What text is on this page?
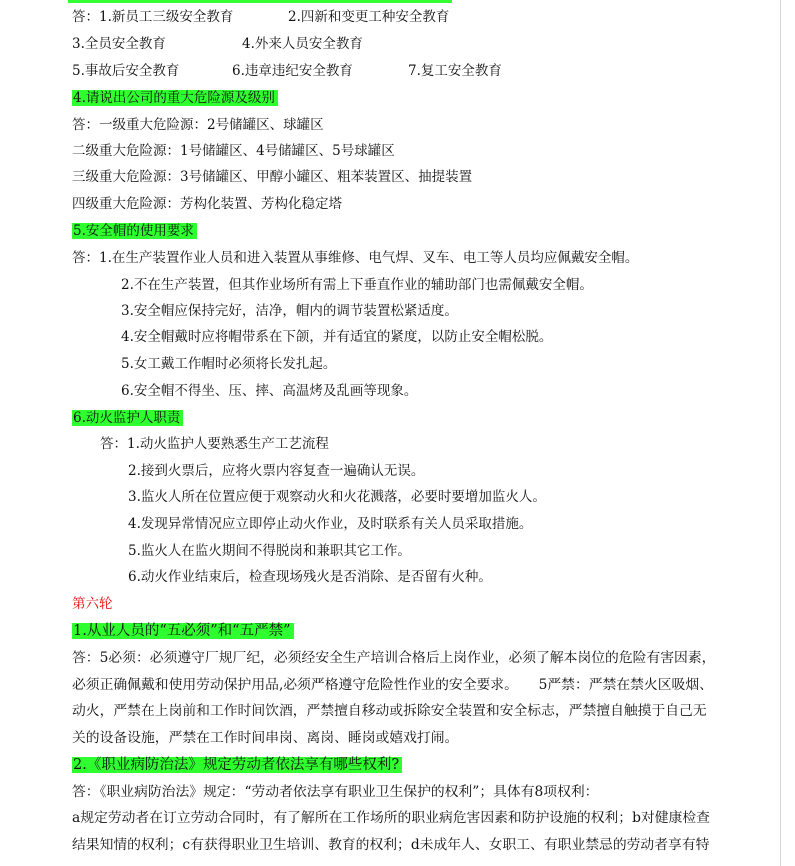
答：1.新员工三级安全教育	2.四新和变更工种安全教育
3.全员安全教育	4.外来人员安全教育
5.事故后安全教育	6.违章违纪安全教育	7.复工安全教育
4.请说出公司的重大危险源及级别
答：一级重大危险源：2号储罐区、球罐区
二级重大危险源：1号储罐区、4号储罐区、5号球罐区
三级重大危险源：3号储罐区、甲醇小罐区、粗苯装置区、抽提装置
四级重大危险源：芳构化装置、芳构化稳定塔
5.安全帽的使用要求
答：1.在生产装置作业人员和进入装置从事维修、电气焊、叉车、电工等人员均应佩戴安全帽。
2.不在生产装置，但其作业场所有需上下垂直作业的辅助部门也需佩戴安全帽。
3.安全帽应保持完好，洁净，帽内的调节装置松紧适度。
4.安全帽戴时应将帽带系在下颌，并有适宜的紧度，以防止安全帽松脱。
5.女工戴工作帽时必须将长发扎起。
6.安全帽不得坐、压、摔、高温烤及乱画等现象。
6.动火监护人职责
答：1.动火监护人要熟悉生产工艺流程
2.接到火票后，应将火票内容复查一遍确认无误。
3.监火人所在位置应便于观察动火和火花溅落，必要时要增加监火人。
4.发现异常情况应立即停止动火作业，及时联系有关人员采取措施。
5.监火人在监火期间不得脱岗和兼职其它工作。
6.动火作业结束后，检查现场残火是否消除、是否留有火种。
第六轮
1.从业人员的“五必须”和“五严禁”
答：5必须：必须遵守厂规厂纪，必须经安全生产培训合格后上岗作业，必须了解本岗位的危险有害因素，
必须正确佩戴和使用劳动保护用品,必须严格遵守危险性作业的安全要求。　　5严禁：严禁在禁火区吸烟、
动火，严禁在上岗前和工作时间饮酒，严禁擅自移动或拆除安全装置和安全标志，严禁擅自触摸于自己无
关的设备设施，严禁在工作时间串岗、离岗、睡岗或嬉戏打闹。
2.《职业病防治法》规定劳动者依法享有哪些权利?
答：《职业病防治法》规定：“劳动者依法享有职业卫生保护的权利”；具体有8项权利：
a规定劳动者在订立劳动合同时，有了解所在工作场所的职业病危害因素和防护设施的权利；b对健康检查
结果知情的权利；c有获得职业卫生培训、教育的权利；d未成年人、女职工、有职业禁忌的劳动者享有特
